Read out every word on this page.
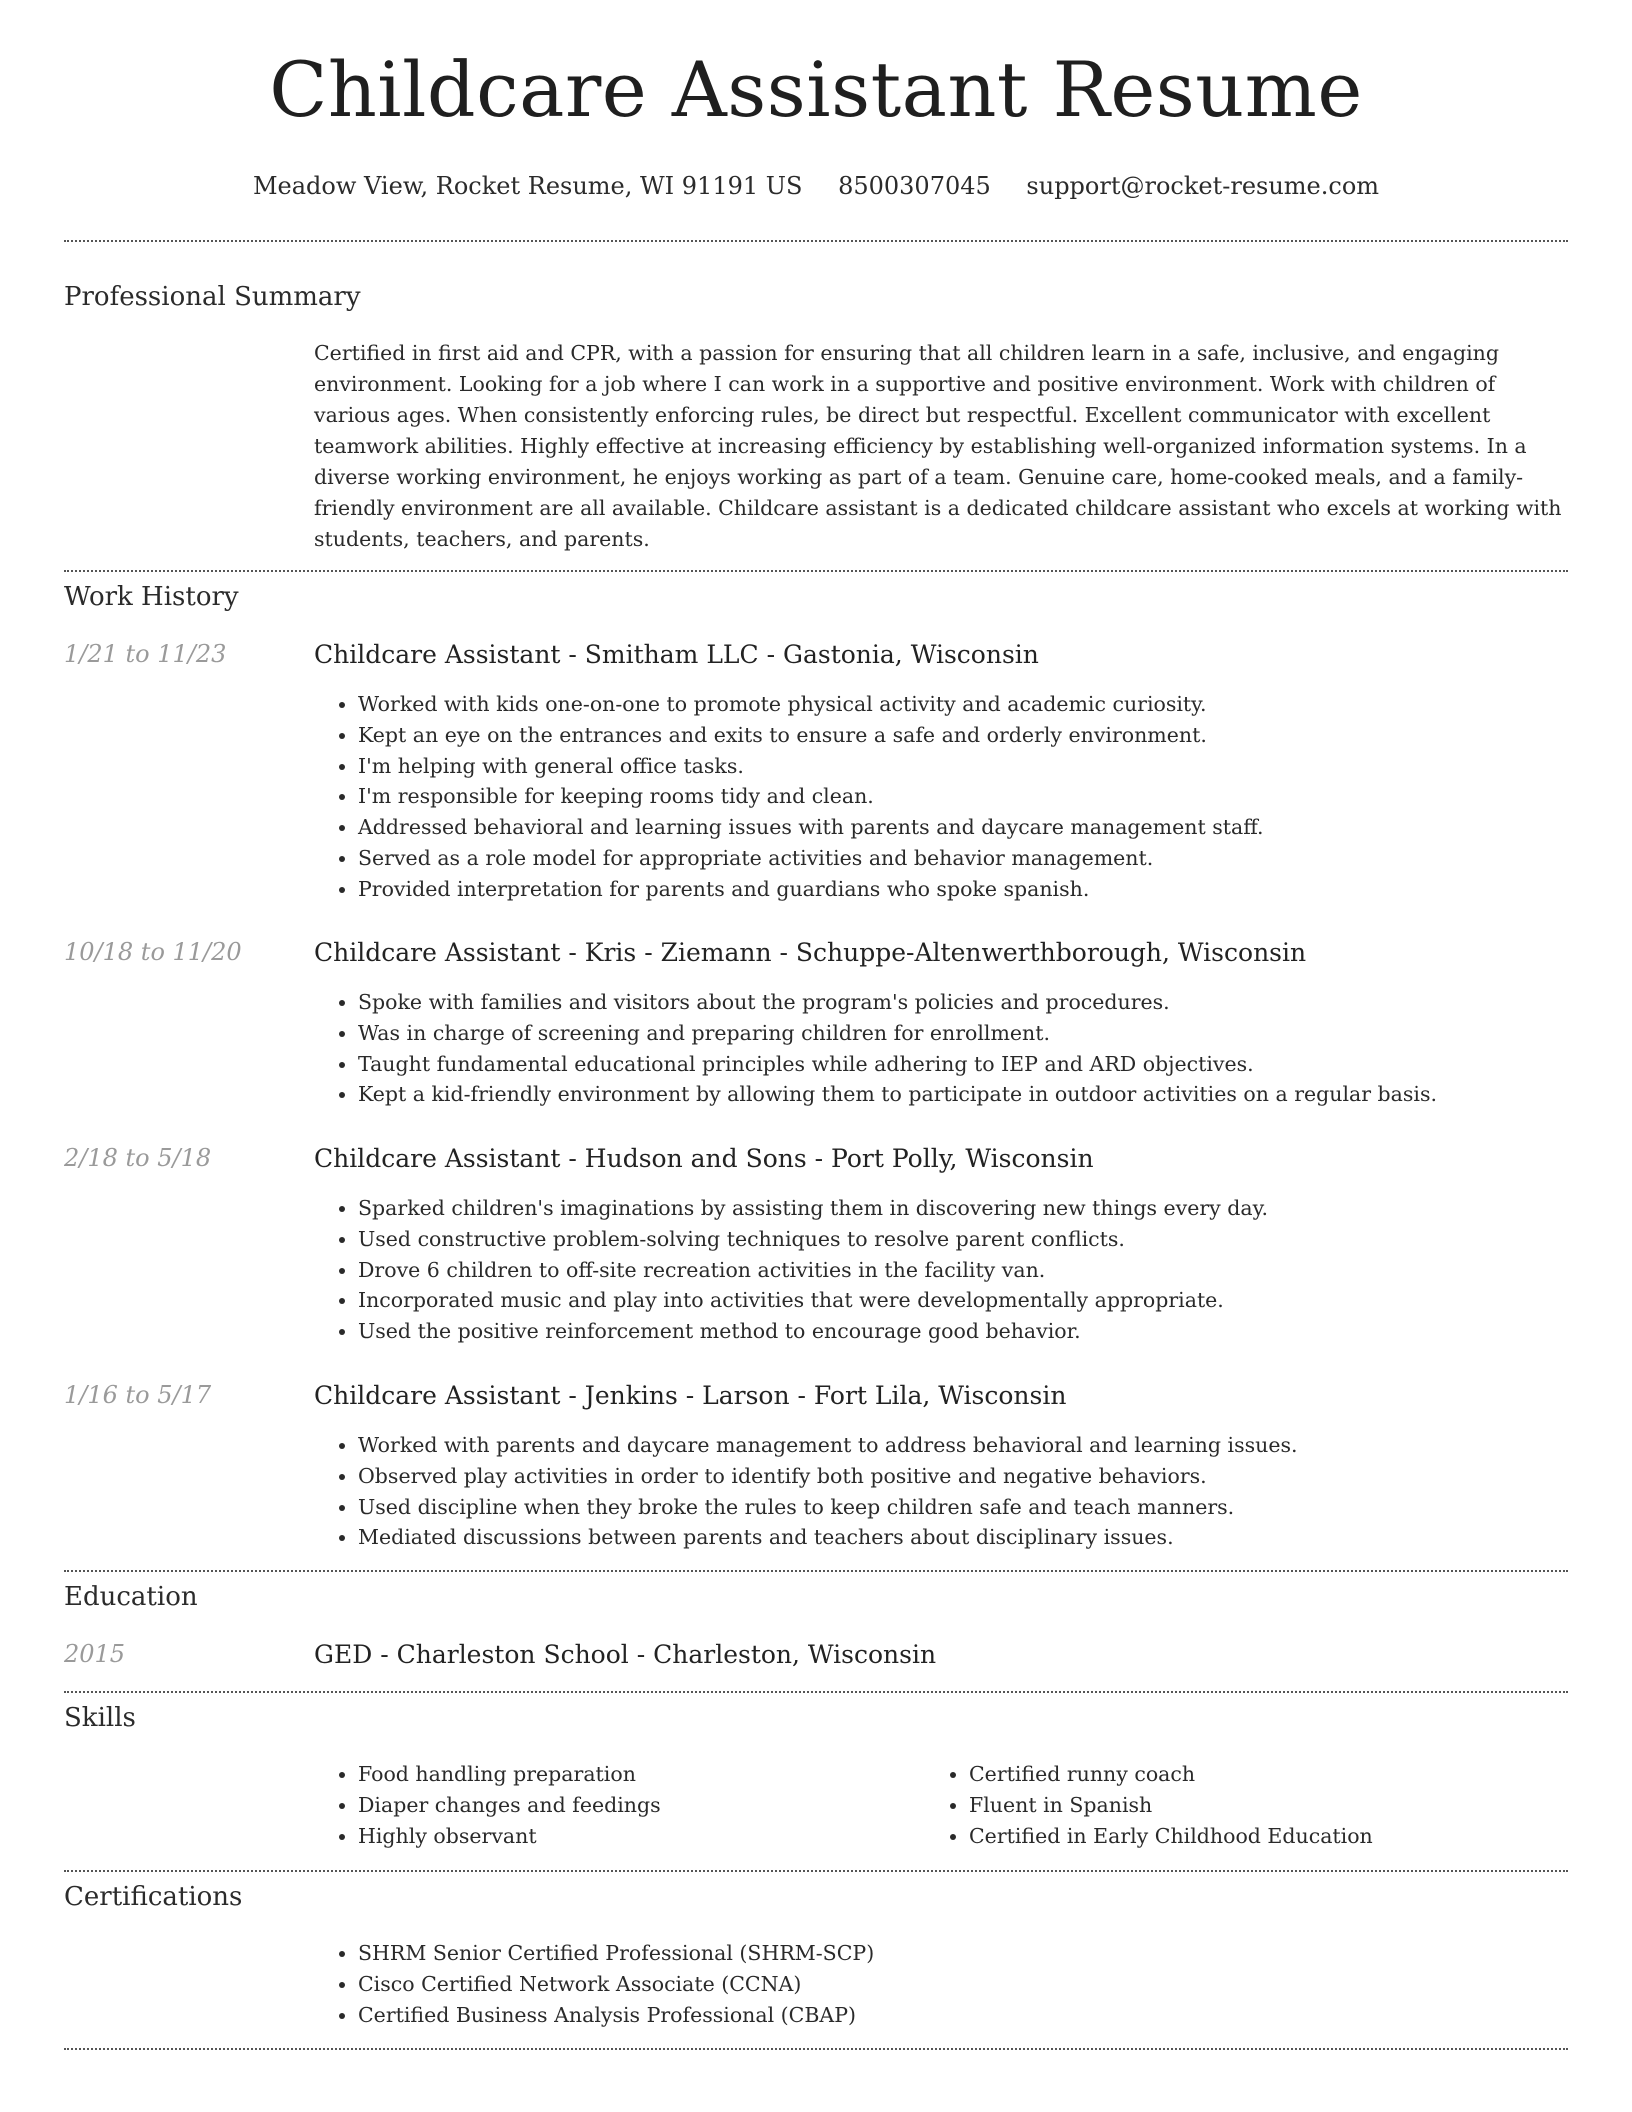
Childcare Assistant Resume
Meadow View, Rocket Resume, WI 91191 US 8500307045 support@rocket-resume.com
Professional Summary

Certified in first aid and CPR, with a passion for ensuring that all children learn in a safe, inclusive, and engaging environment. Looking for a job where I can work in a supportive and positive environment. Work with children of various ages. When consistently enforcing rules, be direct but respectful. Excellent communicator with excellent teamwork abilities. Highly effective at increasing efficiency by establishing well-organized information systems. In a diverse working environment, he enjoys working as part of a team. Genuine care, home-cooked meals, and a family-friendly environment are all available. Childcare assistant is a dedicated childcare assistant who excels at working with students, teachers, and parents.

Work History
1/21 to 11/23	Childcare Assistant - Smitham LLC - Gastonia, Wisconsin
• Worked with kids one-on-one to promote physical activity and academic curiosity.
• Kept an eye on the entrances and exits to ensure a safe and orderly environment.
• I'm helping with general office tasks.
• I'm responsible for keeping rooms tidy and clean.
• Addressed behavioral and learning issues with parents and daycare management staff.
• Served as a role model for appropriate activities and behavior management.
• Provided interpretation for parents and guardians who spoke spanish.
10/18 to 11/20	Childcare Assistant - Kris - Ziemann - Schuppe-Altenwerthborough, Wisconsin
• Spoke with families and visitors about the program's policies and procedures.
• Was in charge of screening and preparing children for enrollment.
• Taught fundamental educational principles while adhering to IEP and ARD objectives.
• Kept a kid-friendly environment by allowing them to participate in outdoor activities on a regular basis.
2/18 to 5/18	Childcare Assistant - Hudson and Sons - Port Polly, Wisconsin
• Sparked children's imaginations by assisting them in discovering new things every day.
• Used constructive problem-solving techniques to resolve parent conflicts.
• Drove 6 children to off-site recreation activities in the facility van.
• Incorporated music and play into activities that were developmentally appropriate.
• Used the positive reinforcement method to encourage good behavior.
1/16 to 5/17	Childcare Assistant - Jenkins - Larson - Fort Lila, Wisconsin
• Worked with parents and daycare management to address behavioral and learning issues.
• Observed play activities in order to identify both positive and negative behaviors.
• Used discipline when they broke the rules to keep children safe and teach manners.
• Mediated discussions between parents and teachers about disciplinary issues.
Education
2015	GED - Charleston School - Charleston, Wisconsin
Skills
• Food handling preparation
• Diaper changes and feedings
• Highly observant
• Certified runny coach
• Fluent in Spanish
• Certified in Early Childhood Education
Certifications
• SHRM Senior Certified Professional (SHRM-SCP)
• Cisco Certified Network Associate (CCNA)
• Certified Business Analysis Professional (CBAP)
